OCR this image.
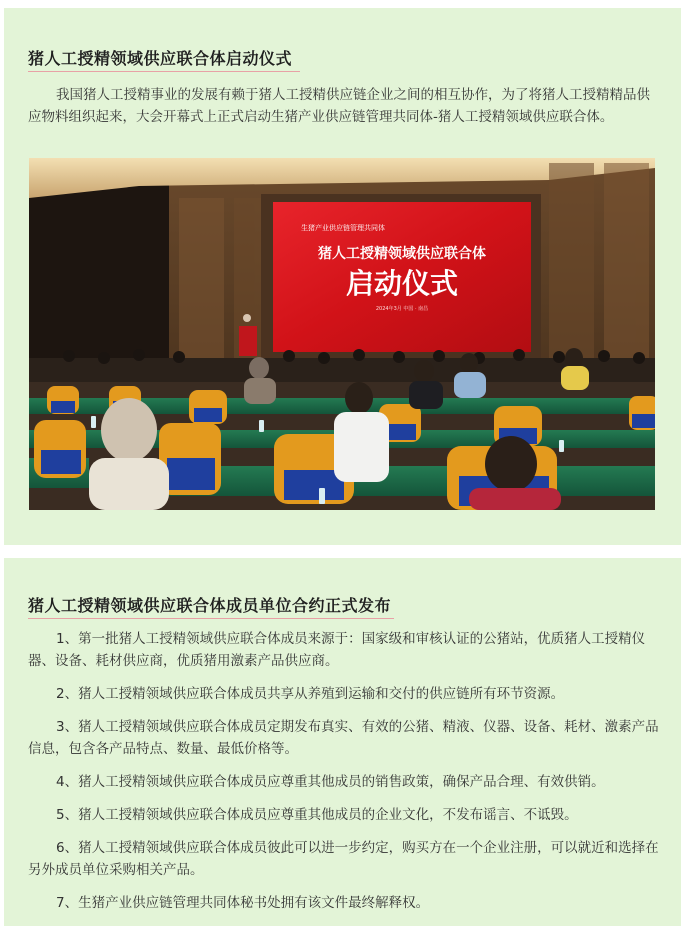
猪人工授精领域供应联合体启动仪式

我国猪人工授精事业的发展有赖于猪人工授精供应链企业之间的相互协作，为了将猪人工授精精品供应物料组织起来，大会开幕式上正式启动生猪产业供应链管理共同体-猪人工授精领域供应联合体。

生猪产业供应链管理共同体
猪人工授精领域供应联合体
启动仪式
2024年3月 中国 · 南昌
猪人工授精领域供应联合体成员单位合约正式发布
1、第一批猪人工授精领域供应联合体成员来源于：国家级和审核认证的公猪站，优质猪人工授精仪器、设备、耗材供应商，优质猪用激素产品供应商。
2、猪人工授精领域供应联合体成员共享从养殖到运输和交付的供应链所有环节资源。
3、猪人工授精领域供应联合体成员定期发布真实、有效的公猪、精液、仪器、设备、耗材、激素产品信息，包含各产品特点、数量、最低价格等。
4、猪人工授精领域供应联合体成员应尊重其他成员的销售政策，确保产品合理、有效供销。
5、猪人工授精领域供应联合体成员应尊重其他成员的企业文化，不发布谣言、不诋毁。
6、猪人工授精领域供应联合体成员彼此可以进一步约定，购买方在一个企业注册，可以就近和选择在另外成员单位采购相关产品。
7、生猪产业供应链管理共同体秘书处拥有该文件最终解释权。
